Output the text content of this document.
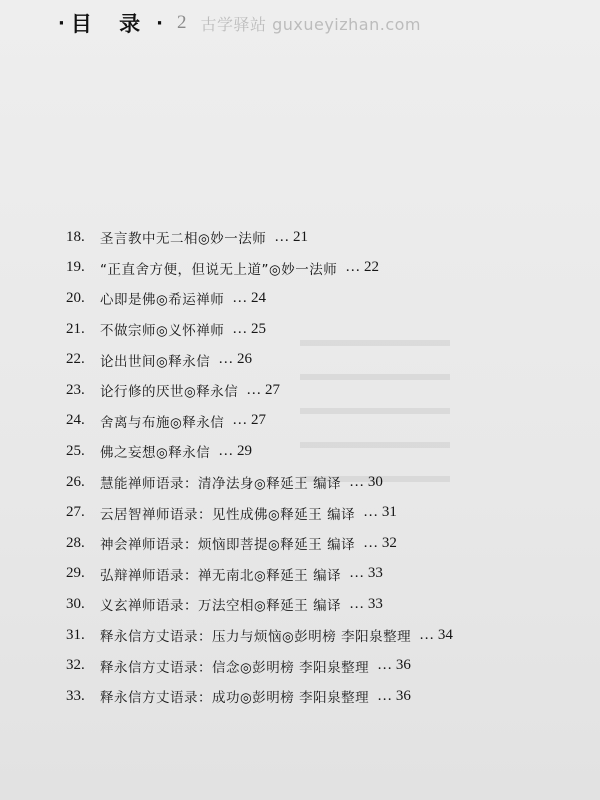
· 目 录 · 2 古学驿站 guxueyizhan.com
18.	圣言教中无二相◎妙一法师 … 21
19.	“正直舍方便，但说无上道”◎妙一法师 … 22
20.	心即是佛◎希运禅师 … 24
21.	不做宗师◎义怀禅师 … 25
22.	论出世间◎释永信 … 26
23.	论行修的厌世◎释永信 … 27
24.	舍离与布施◎释永信 … 27
25.	佛之妄想◎释永信 … 29
26.	慧能禅师语录：清净法身◎释延王 编译 … 30
27.	云居智禅师语录：见性成佛◎释延王 编译 … 31
28.	神会禅师语录：烦恼即菩提◎释延王 编译 … 32
29.	弘辩禅师语录：禅无南北◎释延王 编译 … 33
30.	义玄禅师语录：万法空相◎释延王 编译 … 33
31.	释永信方丈语录：压力与烦恼◎彭明榜 李阳泉整理 … 34
32.	释永信方丈语录：信念◎彭明榜 李阳泉整理 … 36
33.	释永信方丈语录：成功◎彭明榜 李阳泉整理 … 36
